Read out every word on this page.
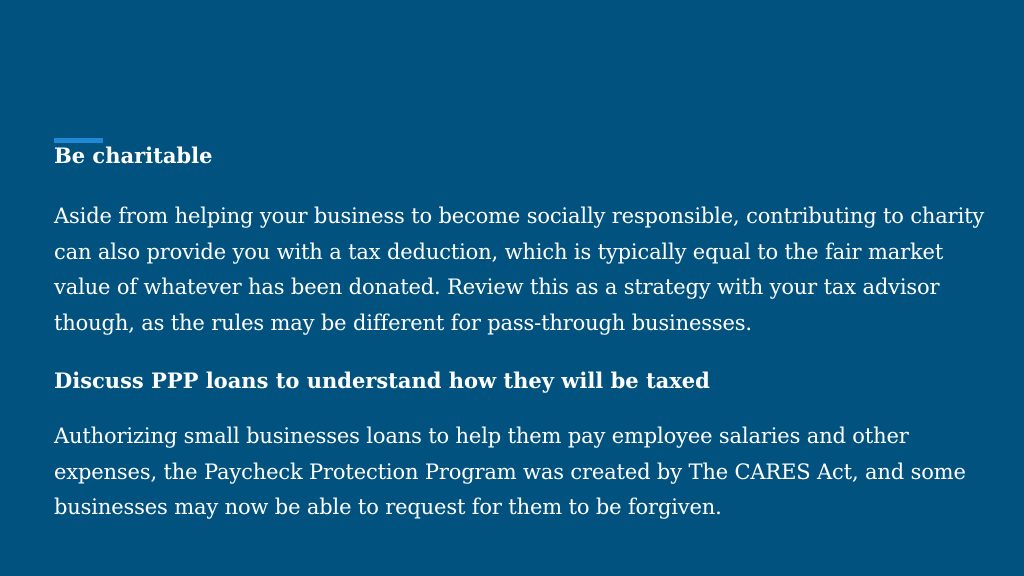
Be charitable

Aside from helping your business to become socially responsible, contributing to charity can also provide you with a tax deduction, which is typically equal to the fair market value of whatever has been donated. Review this as a strategy with your tax advisor though, as the rules may be different for pass-through businesses.

Discuss PPP loans to understand how they will be taxed

Authorizing small businesses loans to help them pay employee salaries and other expenses, the Paycheck Protection Program was created by The CARES Act, and some businesses may now be able to request for them to be forgiven.
